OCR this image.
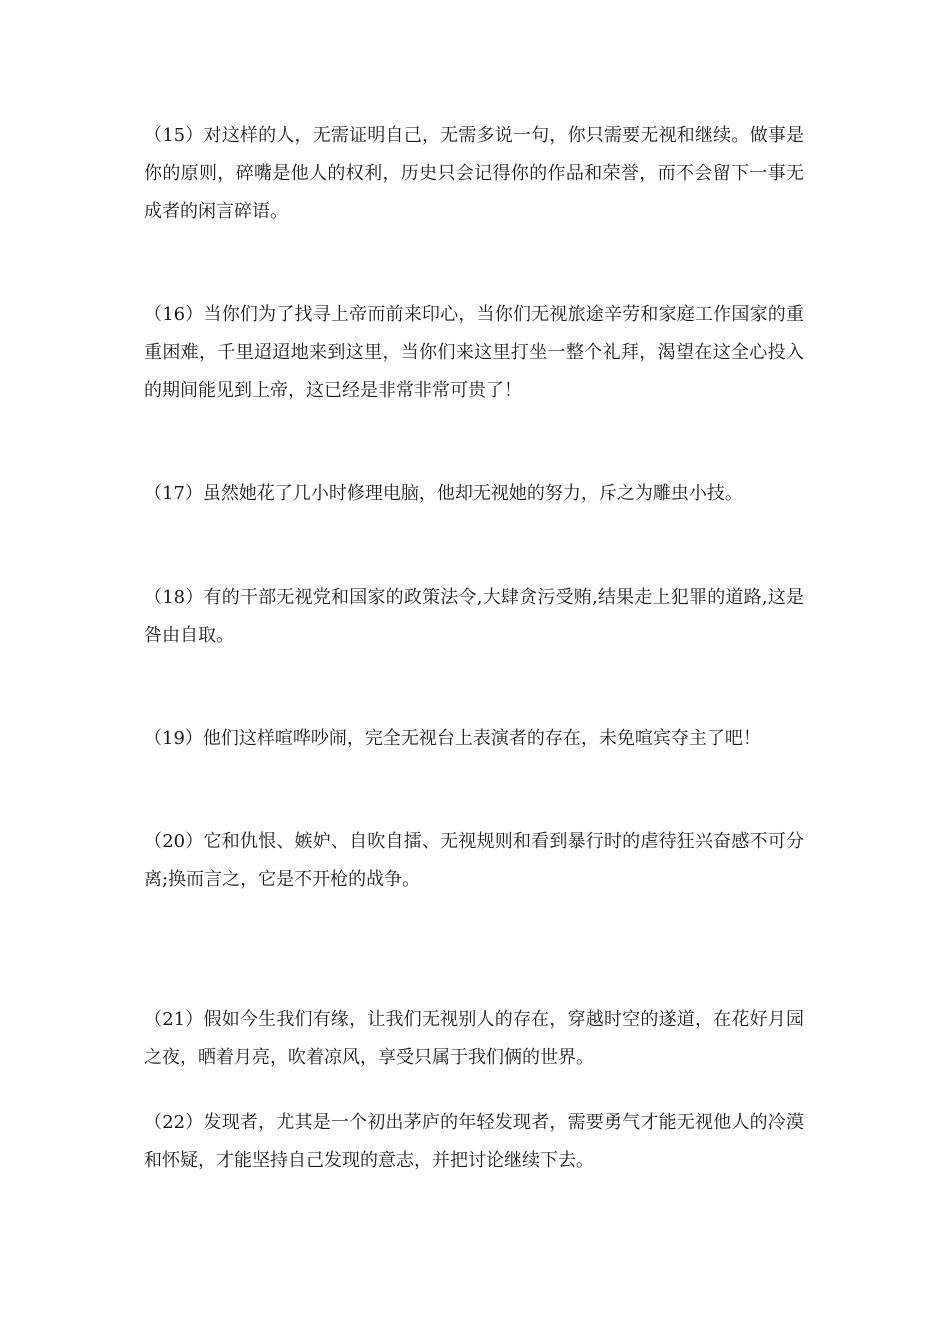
（15）对这样的人，无需证明自己，无需多说一句，你只需要无视和继续。做事是你的原则，碎嘴是他人的权利，历史只会记得你的作品和荣誉，而不会留下一事无成者的闲言碎语。

（16）当你们为了找寻上帝而前来印心，当你们无视旅途辛劳和家庭工作国家的重重困难，千里迢迢地来到这里，当你们来这里打坐一整个礼拜，渴望在这全心投入的期间能见到上帝，这已经是非常非常可贵了！

（17）虽然她花了几小时修理电脑，他却无视她的努力，斥之为雕虫小技。

（18）有的干部无视党和国家的政策法令,大肆贪污受贿,结果走上犯罪的道路,这是咎由自取。

（19）他们这样喧哗吵闹，完全无视台上表演者的存在，未免喧宾夺主了吧！

（20）它和仇恨、嫉妒、自吹自擂、无视规则和看到暴行时的虐待狂兴奋感不可分离;换而言之，它是不开枪的战争。

（21）假如今生我们有缘，让我们无视别人的存在，穿越时空的遂道，在花好月园之夜，晒着月亮，吹着凉风，享受只属于我们俩的世界。

（22）发现者，尤其是一个初出茅庐的年轻发现者，需要勇气才能无视他人的冷漠和怀疑，才能坚持自己发现的意志，并把讨论继续下去。
